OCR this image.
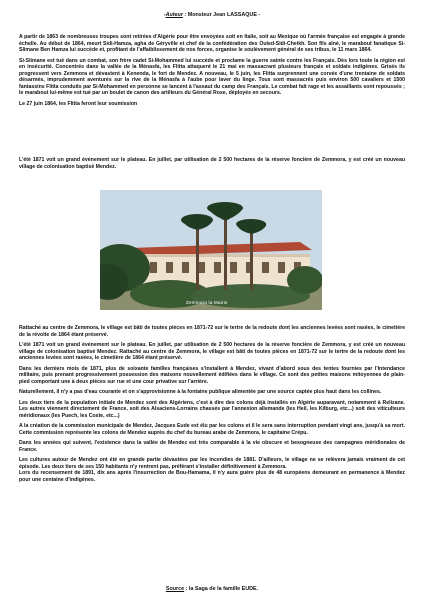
-Auteur : Monsieur Jean LASSAQUE -

A partir de 1863 de nombreuses troupes sont retirées d'Algérie pour être envoyées soit en Italie, soit au Mexique où l'armée française est engagée à grande échelle. Au début de 1864, meurt Sidi-Hamza, agha de Géryville et chef de la confédération des Ouled-Sidi-Cheikh. Son fils aîné, le marabout fanatique Si-Slimane Ben Hamza lui succède et, profitant de l'affaiblissement de nos forces, organise le soulèvement général de ses tribus, le 11 mars 1864.

Si-Slimane est tué dans un combat, son frère cadet Si-Mohammed lui succède et proclame la guerre sainte contre les Français. Dès lors toute la région est en insécurité. Concentrés dans la vallée de la Ménasfa, les Flitta attaquent le 21 mai en massacrant plusieurs français et soldats indigènes. Grisés ils progressent vers Zemmora et dévastent à Kenenda, le fort de Mendez. A nouveau, le 5 juin, les Flitta surprennent une corvée d'une trentaine de soldats désarmés, imprudemment aventurés sur la rive de la Ménasfa à l'aube pour laver du linge. Tous sont massacrés puis environ 500 cavaliers et 1500 fantassins Flitta conduits par Si-Mohammed en personne se lancent à l'assaut du camp des Français. Le combat fait rage et les assaillants sont repoussés ; le marabout lui-même est tué par un boulet de canon des artilleurs du Général Rose, déployés en secours.

Le 27 juin 1864, les Flitta feront leur soumission

L'été 1871 voit un grand événement sur le plateau. En juillet, par utilisation de 2 500 hectares de la réserve foncière de Zemmora, y est créé un nouveau village de colonisation baptisé Mendez.

Zemmora la Mairie

Rattaché au centre de Zemmora, le village est bâti de toutes pièces en 1871-72 sur le tertre de la redoute dont les anciennes levées sont rasées, le cimetière de la révolte de 1864 étant préservé.

L'été 1871 voit un grand événement sur le plateau. En juillet, par utilisation de 2 500 hectares de la réserve foncière de Zemmora, y est créé un nouveau village de colonisation baptisé Mendez. Rattaché au centre de Zemmora, le village est bâti de toutes pièces en 1871-72 sur le tertre de la redoute dont les anciennes levées sont rasées, le cimetière de 1864 étant préservé.

Dans les derniers mois de 1871, plus de soixante familles françaises s'installent à Mendez, vivant d'abord sous des tentes fournies par l'Intendance militaire, puis prenant progressivement possession des maisons nouvellement édifiées dans le village. Ce sont des petites maisons mitoyennes de plain-pied comportant une à deux pièces sur rue et une cour privative sur l'arrière.

Naturellement, il n'y a pas d'eau courante et on s'approvisionne à la fontaine publique alimentée par une source captée plus haut dans les collines.

Les deux tiers de la population initiale de Mendez sont des Algériens, c'est à dire des colons déjà installés en Algérie auparavant, notamment à Relizane. Les autres viennent directement de France, soit des Alsaciens-Lorrains chassés par l'annexion allemande (les Heil, les Kilburg, etc...) soit des viticulteurs méridionaux (les Puech, les Coste, etc...)

A la création de la commission municipale de Mendez, Jacques Eude est élu par les colons et il le sera sans interruption pendant vingt ans, jusqu'à sa mort. Cette commission représente les colons de Mendez auprès du chef du bureau arabe de Zemmora, le capitaine Crépu.

Dans les années qui suivent, l'existence dans la vallée de Mendez est très comparable à la vie obscure et besogneuse des campagnes méridionales de France.

Les cultures autour de Mendez ont été en grande partie dévastées par les incendies de 1881. D'ailleurs, le village ne se relèvera jamais vraiment de cet épisode. Les deux tiers de ses 150 habitants n'y rentrent pas, préférant s'installer définitivement à Zemmora.

Lors du recensement de 1891, dix ans après l'insurrection de Bou-Hamama, il n'y aura guère plus de 48 européens demeurant en permanence à Mendez pour une centaine d'indigènes.

Source : la Saga de la famille EUDE.
